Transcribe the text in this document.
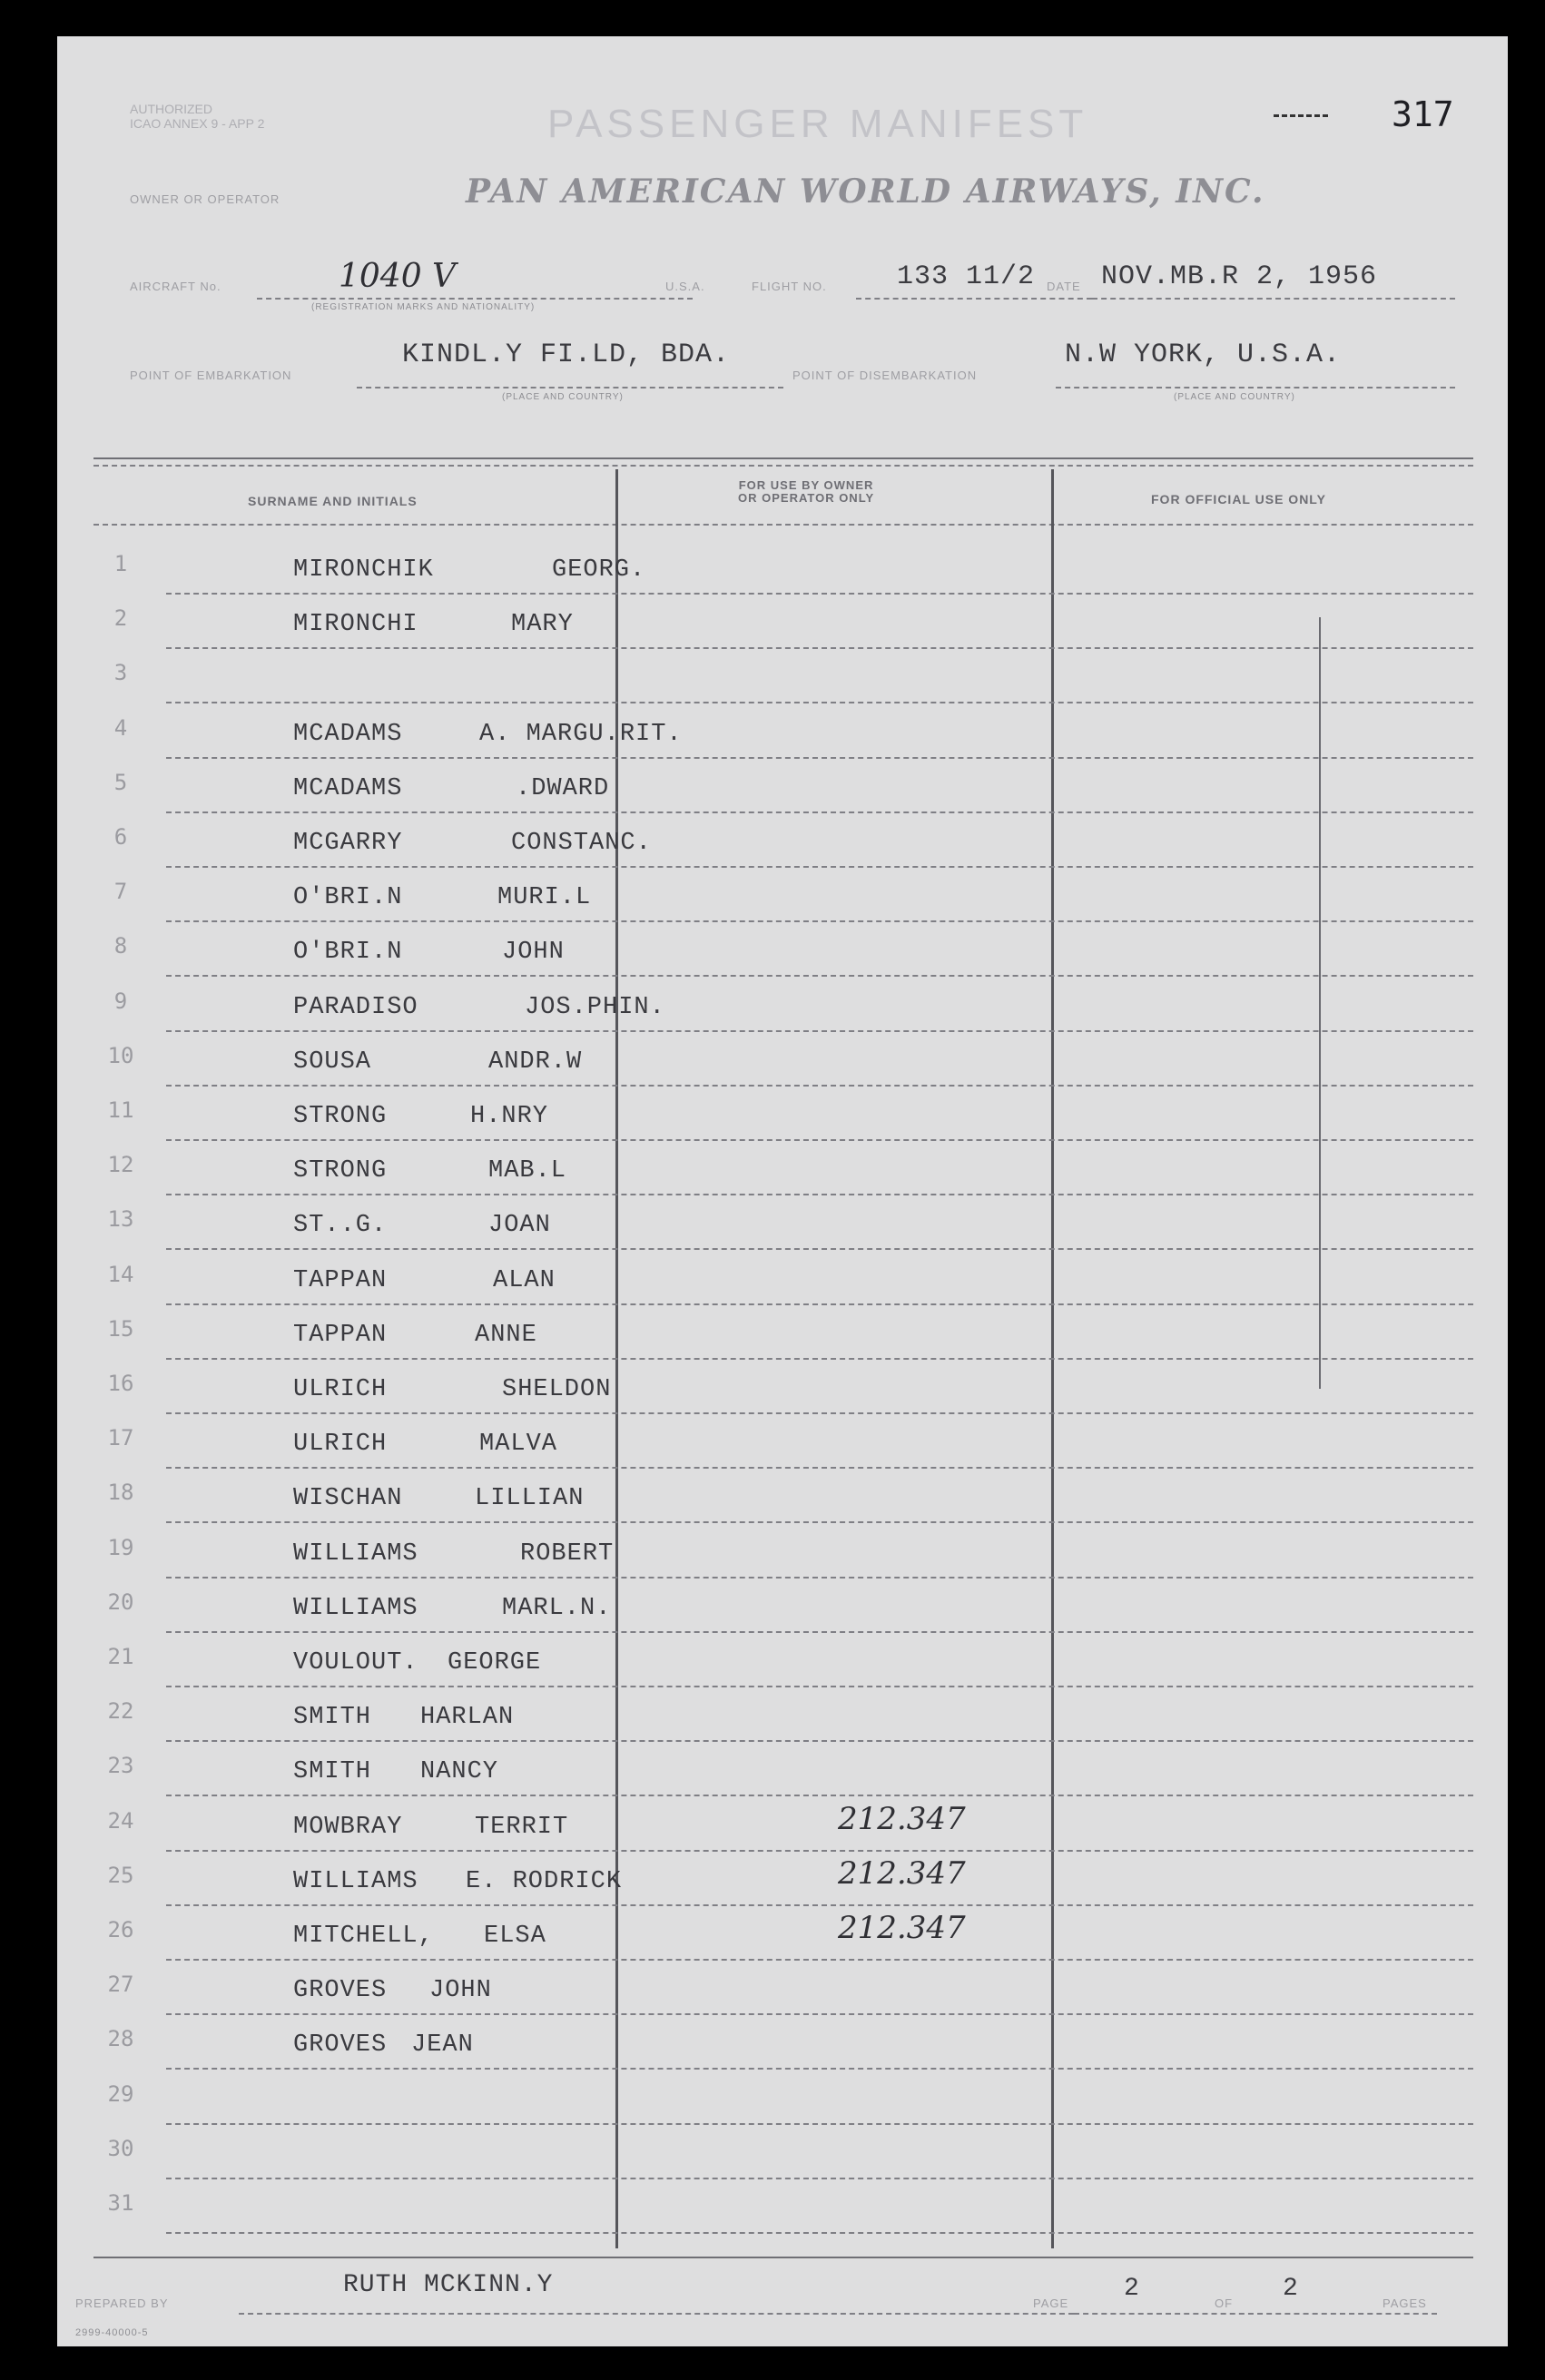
AUTHORIZED
ICAO ANNEX 9 - APP 2	PASSENGER MANIFEST	317
OWNER OR OPERATOR	PAN AMERICAN WORLD AIRWAYS, INC.
AIRCRAFT No.	1040 V
(REGISTRATION MARKS AND NATIONALITY)
U.S.A.	FLIGHT NO.	133 11/2 DATE NOV.MB.R 2, 1956
POINT OF EMBARKATION
KINDL.Y FI.LD, BDA.
(PLACE AND COUNTRY)
POINT OF DISEMBARKATION
N.W YORK, U.S.A.
(PLACE AND COUNTRY)
SURNAME AND INITIALS
FOR USE BY OWNER
OR OPERATOR ONLY	FOR OFFICIAL USE ONLY
1	MIRONCHIK	GEORG.
2	MIRONCHI	MARY
3
4	MCADAMS	A. MARGU.RIT.
5	MCADAMS	.DWARD
6	MCGARRY	CONSTANC.
7	O'BRI.N	MURI.L
8	O'BRI.N	JOHN
9	PARADISO	JOS.PHIN.
10	SOUSA	ANDR.W
11	STRONG	H.NRY
12	STRONG	MAB.L
13	ST..G.	JOAN
14	TAPPAN	ALAN
15	TAPPAN	ANNE
16	ULRICH	SHELDON
17	ULRICH	MALVA
18	WISCHAN	LILLIAN
19	WILLIAMS	ROBERT
20	WILLIAMS	MARL.N.
21	VOULOUT. GEORGE
22	SMITH HARLAN
23	SMITH NANCY
24	MOWBRAY	TERRIT	212.347
25	WILLIAMS E. RODRICK	212.347
26	MITCHELL, ELSA	212.347
27	GROVES JOHN
28	GROVES JEAN
29
30
31
PREPARED BY
RUTH MCKINN.Y
PAGE
2
OF
2
PAGES
2999-40000-5
